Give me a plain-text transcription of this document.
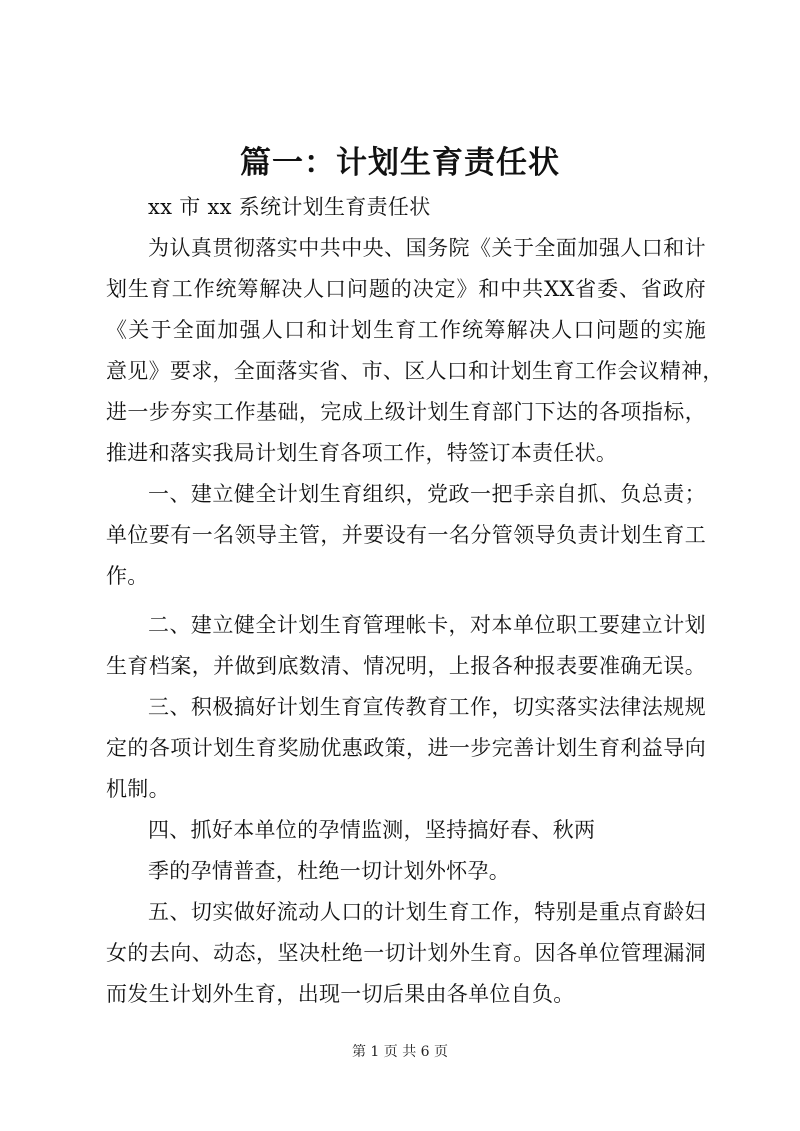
篇一：计划生育责任状
xx 市 xx 系统计划生育责任状
为认真贯彻落实中共中央、国务院《关于全面加强人口和计
划生育工作统筹解决人口问题的决定》和中共XX省委、省政府
《关于全面加强人口和计划生育工作统筹解决人口问题的实施
意见》要求，全面落实省、市、区人口和计划生育工作会议精神，
进一步夯实工作基础，完成上级计划生育部门下达的各项指标，
推进和落实我局计划生育各项工作，特签订本责任状。
一、建立健全计划生育组织，党政一把手亲自抓、负总责；
单位要有一名领导主管，并要设有一名分管领导负责计划生育工
作。
二、建立健全计划生育管理帐卡，对本单位职工要建立计划
生育档案，并做到底数清、情况明，上报各种报表要准确无误。
三、积极搞好计划生育宣传教育工作，切实落实法律法规规
定的各项计划生育奖励优惠政策，进一步完善计划生育利益导向
机制。
四、抓好本单位的孕情监测，坚持搞好春、秋两
季的孕情普查，杜绝一切计划外怀孕。
五、切实做好流动人口的计划生育工作，特别是重点育龄妇
女的去向、动态，坚决杜绝一切计划外生育。因各单位管理漏洞
而发生计划外生育，出现一切后果由各单位自负。
第 1 页 共 6 页
